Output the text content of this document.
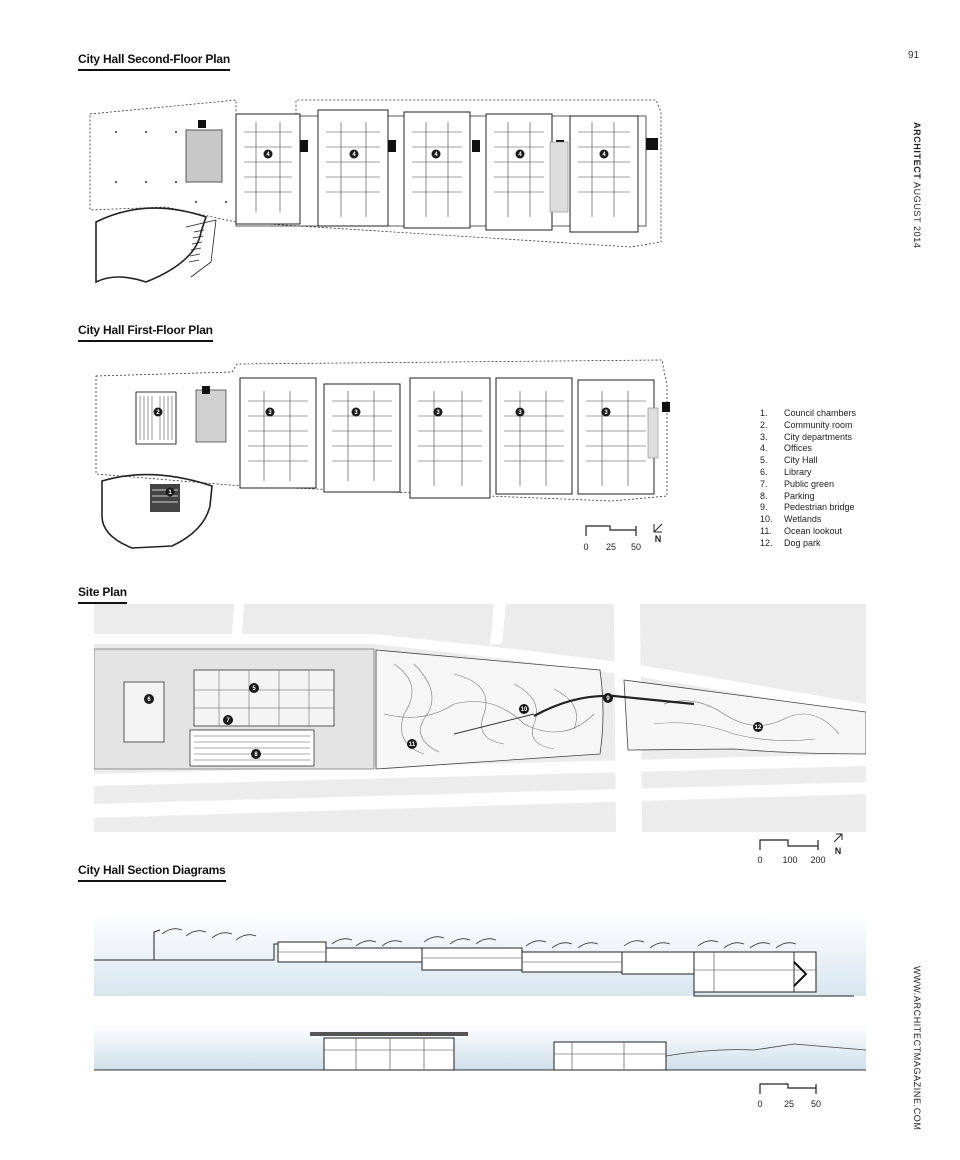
91
ARCHITECT AUGUST 2014
WWW.ARCHITECTMAGAZINE.COM
City Hall Second-Floor Plan
City Hall First-Floor Plan
Site Plan
City Hall Section Diagrams
4	4	4	4	4
2
1
3	3	3	3	3
0 25 50
N
1.	Council chambers
2.	Community room
3.	City departments
4.	Offices
5.	City Hall
6.	Library
7.	Public green
8.	Parking
9.	Pedestrian bridge
10.	Wetlands
11.	Ocean lookout
12.	Dog park
6
5
7
8
11
10
9
12
0 100 200
N
0 25 50
